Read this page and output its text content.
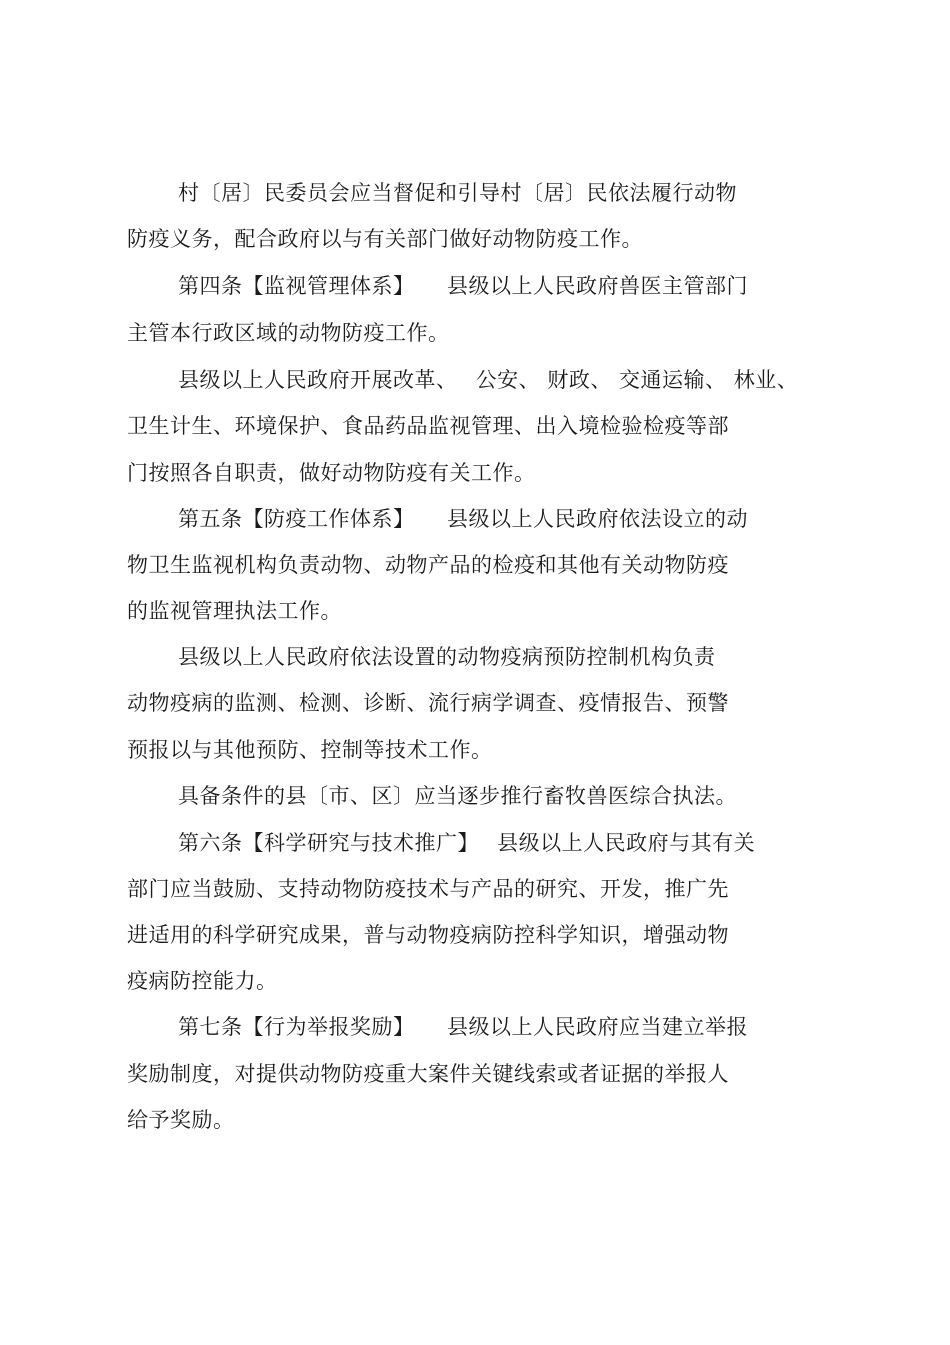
村〔居〕民委员会应当督促和引导村〔居〕民依法履行动物
防疫义务，配合政府以与有关部门做好动物防疫工作。
第四条【监视管理体系】　　县级以上人民政府兽医主管部门
主管本行政区域的动物防疫工作。
县级以上人民政府开展改革、　 公安、 财政、 交通运输、 林业、
卫生计生、环境保护、食品药品监视管理、出入境检验检疫等部
门按照各自职责，做好动物防疫有关工作。
第五条【防疫工作体系】　　县级以上人民政府依法设立的动
物卫生监视机构负责动物、动物产品的检疫和其他有关动物防疫
的监视管理执法工作。
县级以上人民政府依法设置的动物疫病预防控制机构负责
动物疫病的监测、检测、诊断、流行病学调查、疫情报告、预警
预报以与其他预防、控制等技术工作。
具备条件的县〔市、区〕应当逐步推行畜牧兽医综合执法。
第六条【科学研究与技术推广】　 县级以上人民政府与其有关
部门应当鼓励、支持动物防疫技术与产品的研究、开发，推广先
进适用的科学研究成果，普与动物疫病防控科学知识，增强动物
疫病防控能力。
第七条【行为举报奖励】　　县级以上人民政府应当建立举报
奖励制度，对提供动物防疫重大案件关键线索或者证据的举报人
给予奖励。
